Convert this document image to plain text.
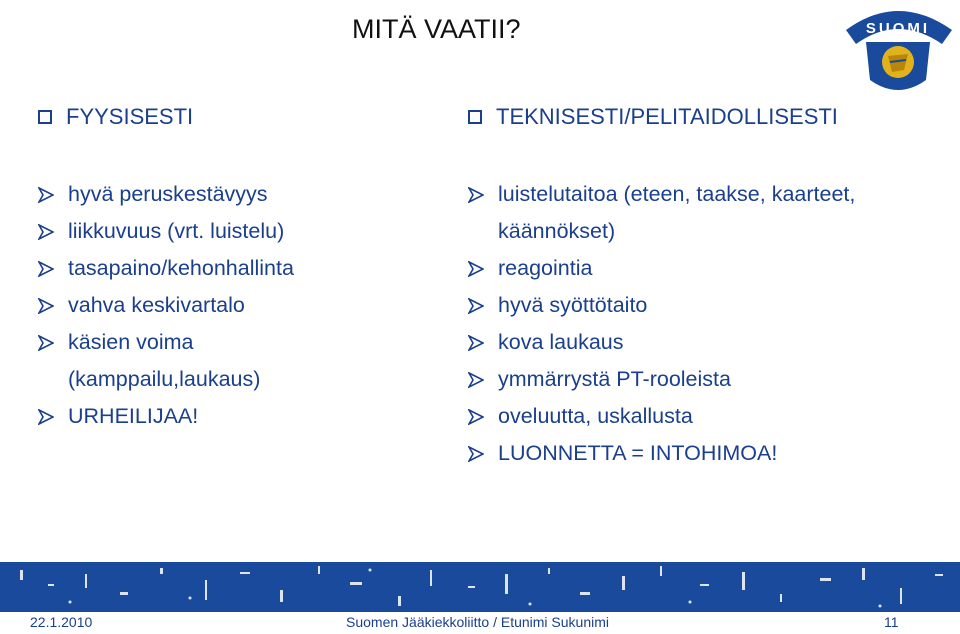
MITÄ VAATII?	SUOMI
FYYSISESTI	TEKNISESTI/PELITAIDOLLISESTI
hyvä peruskestävyys
liikkuvuus (vrt. luistelu)
tasapaino/kehonhallinta
vahva keskivartalo
käsien voima (kamppailu,laukaus)
URHEILIJAA!
luistelutaitoa (eteen, taakse, kaarteet, käännökset)
reagointia
hyvä syöttötaito
kova laukaus
ymmärrystä PT-rooleista
oveluutta, uskallusta
LUONNETTA = INTOHIMOA!
22.1.2010	Suomen Jääkiekkoliitto / Etunimi Sukunimi	11
